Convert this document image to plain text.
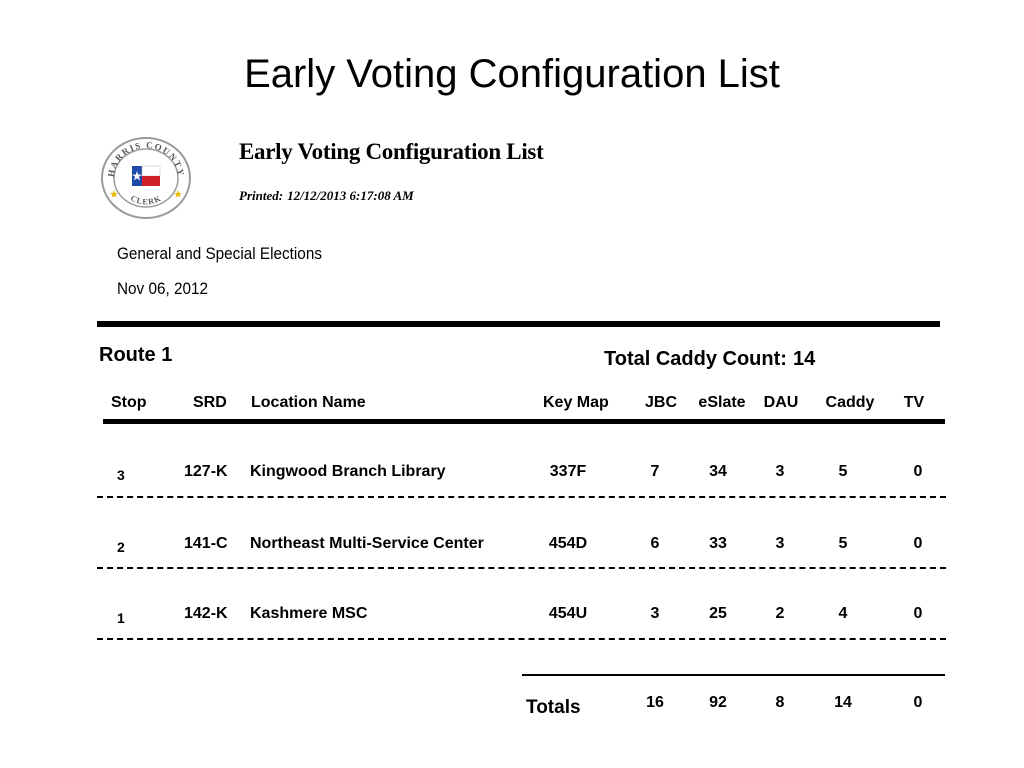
Early Voting Configuration List
HARRIS COUNTY
CLERK
Early Voting Configuration List
Printed: 12/12/2013 6:17:08 AM
General and Special Elections
Nov 06, 2012
Route 1	Total Caddy Count: 14
Stop	SRD Location Name	Key Map	JBC	eSlate	DAU	Caddy	TV
3	127-K Kingwood Branch Library	337F	7	34	3	5	0
2	141-C Northeast Multi-Service Center	454D	6	33	3	5	0
1	142-K Kashmere MSC	454U	3	25	2	4	0
Totals	16	92	8	14	0
